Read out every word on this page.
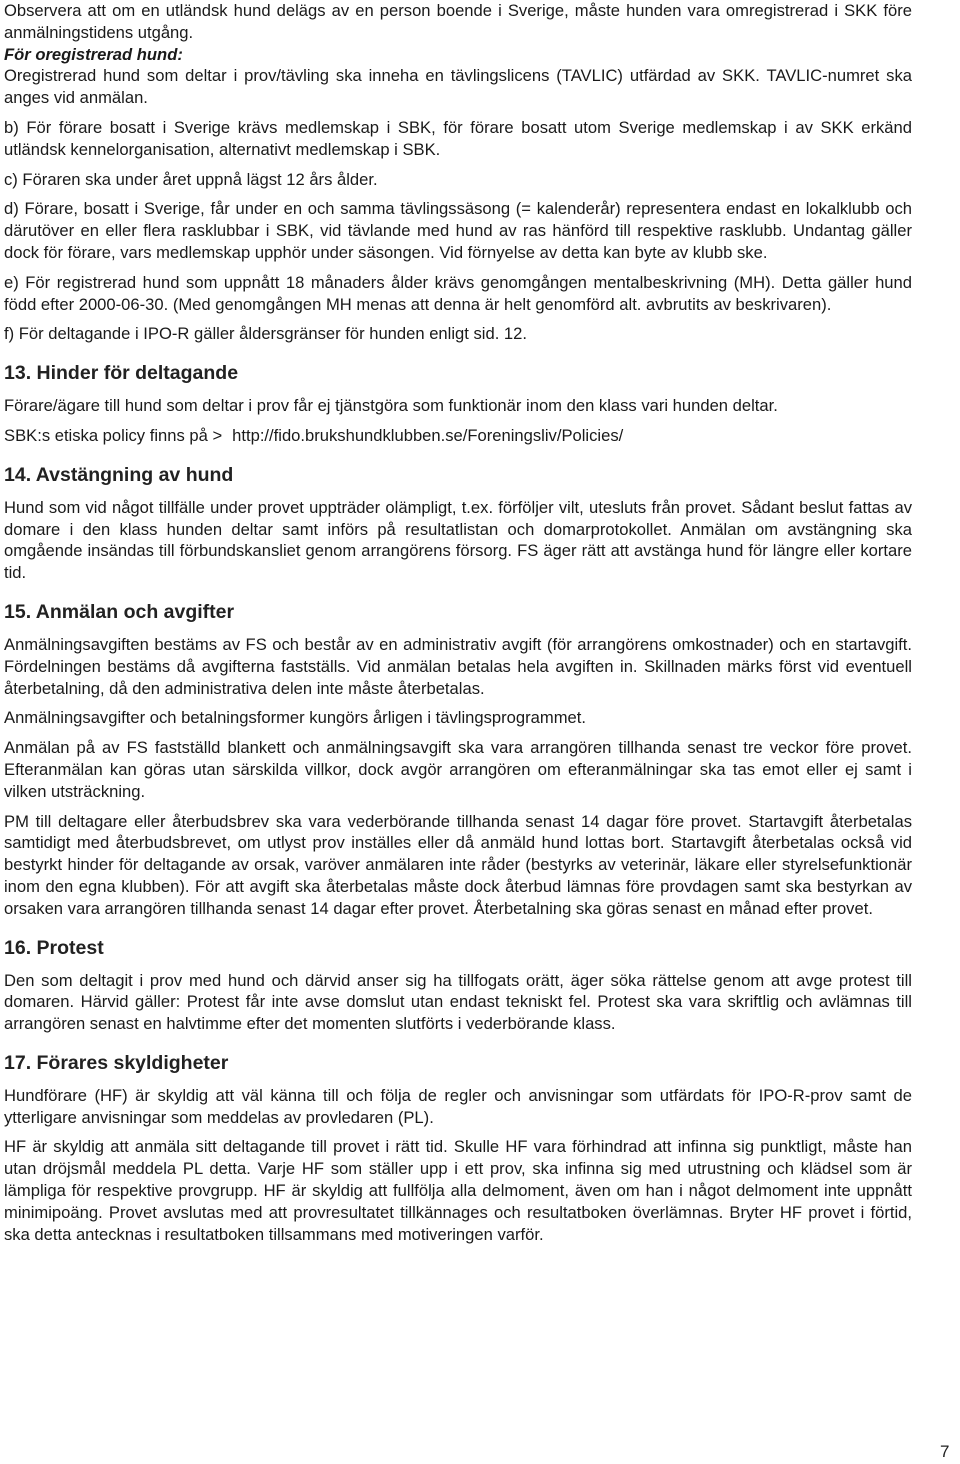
Observera att om en utländsk hund delägs av en person boende i Sverige, måste hunden vara omregistrerad i SKK före anmälningstidens utgång.

För oregistrerad hund:

Oregistrerad hund som deltar i prov/tävling ska inneha en tävlingslicens (TAVLIC) utfärdad av SKK. TAVLIC-numret ska anges vid anmälan.

b) För förare bosatt i Sverige krävs medlemskap i SBK, för förare bosatt utom Sverige medlemskap i av SKK erkänd utländsk kennelorganisation, alternativt medlemskap i SBK.

c) Föraren ska under året uppnå lägst 12 års ålder.

d) Förare, bosatt i Sverige, får under en och samma tävlingssäsong (= kalenderår) representera endast en lokalklubb och därutöver en eller flera rasklubbar i SBK, vid tävlande med hund av ras hänförd till respektive rasklubb. Undantag gäller dock för förare, vars medlemskap upphör under säsongen. Vid förnyelse av detta kan byte av klubb ske.

e) För registrerad hund som uppnått 18 månaders ålder krävs genomgången mentalbeskrivning (MH). Detta gäller hund född efter 2000-06-30. (Med genomgången MH menas att denna är helt genomförd alt. avbrutits av beskrivaren).

f) För deltagande i IPO-R gäller åldersgränser för hunden enligt sid. 12.

13. Hinder för deltagande

Förare/ägare till hund som deltar i prov får ej tjänstgöra som funktionär inom den klass vari hunden deltar.

SBK:s etiska policy finns på > http://fido.brukshundklubben.se/Foreningsliv/Policies/

14. Avstängning av hund

Hund som vid något tillfälle under provet uppträder olämpligt, t.ex. förföljer vilt, utesluts från provet. Sådant beslut fattas av domare i den klass hunden deltar samt införs på resultatlistan och domarprotokollet. Anmälan om avstängning ska omgående insändas till förbundskansliet genom arrangörens försorg. FS äger rätt att avstänga hund för längre eller kortare tid.

15. Anmälan och avgifter

Anmälningsavgiften bestäms av FS och består av en administrativ avgift (för arrangörens omkostnader) och en startavgift. Fördelningen bestäms då avgifterna fastställs. Vid anmälan betalas hela avgiften in. Skillnaden märks först vid eventuell återbetalning, då den administrativa delen inte måste återbetalas.

Anmälningsavgifter och betalningsformer kungörs årligen i tävlingsprogrammet.

Anmälan på av FS fastställd blankett och anmälningsavgift ska vara arrangören tillhanda senast tre veckor före provet. Efteranmälan kan göras utan särskilda villkor, dock avgör arrangören om efteranmälningar ska tas emot eller ej samt i vilken utsträckning.

PM till deltagare eller återbudsbrev ska vara vederbörande tillhanda senast 14 dagar före provet. Startavgift återbetalas samtidigt med återbudsbrevet, om utlyst prov inställes eller då anmäld hund lottas bort. Startavgift återbetalas också vid bestyrkt hinder för deltagande av orsak, varöver anmälaren inte råder (bestyrks av veterinär, läkare eller styrelsefunktionär inom den egna klubben). För att avgift ska återbetalas måste dock återbud lämnas före provdagen samt ska bestyrkan av orsaken vara arrangören tillhanda senast 14 dagar efter provet. Återbetalning ska göras senast en månad efter provet.

16. Protest

Den som deltagit i prov med hund och därvid anser sig ha tillfogats orätt, äger söka rättelse genom att avge protest till domaren. Härvid gäller: Protest får inte avse domslut utan endast tekniskt fel. Protest ska vara skriftlig och avlämnas till arrangören senast en halvtimme efter det momenten slutförts i vederbörande klass.

17. Förares skyldigheter

Hundförare (HF) är skyldig att väl känna till och följa de regler och anvisningar som utfärdats för IPO-R-prov samt de ytterligare anvisningar som meddelas av provledaren (PL).

HF är skyldig att anmäla sitt deltagande till provet i rätt tid. Skulle HF vara förhindrad att infinna sig punktligt, måste han utan dröjsmål meddela PL detta. Varje HF som ställer upp i ett prov, ska infinna sig med utrustning och klädsel som är lämpliga för respektive provgrupp. HF är skyldig att fullfölja alla delmoment, även om han i något delmoment inte uppnått minimipoäng. Provet avslutas med att provresultatet tillkännages och resultatboken överlämnas. Bryter HF provet i förtid, ska detta antecknas i resultatboken tillsammans med motiveringen varför.

7
